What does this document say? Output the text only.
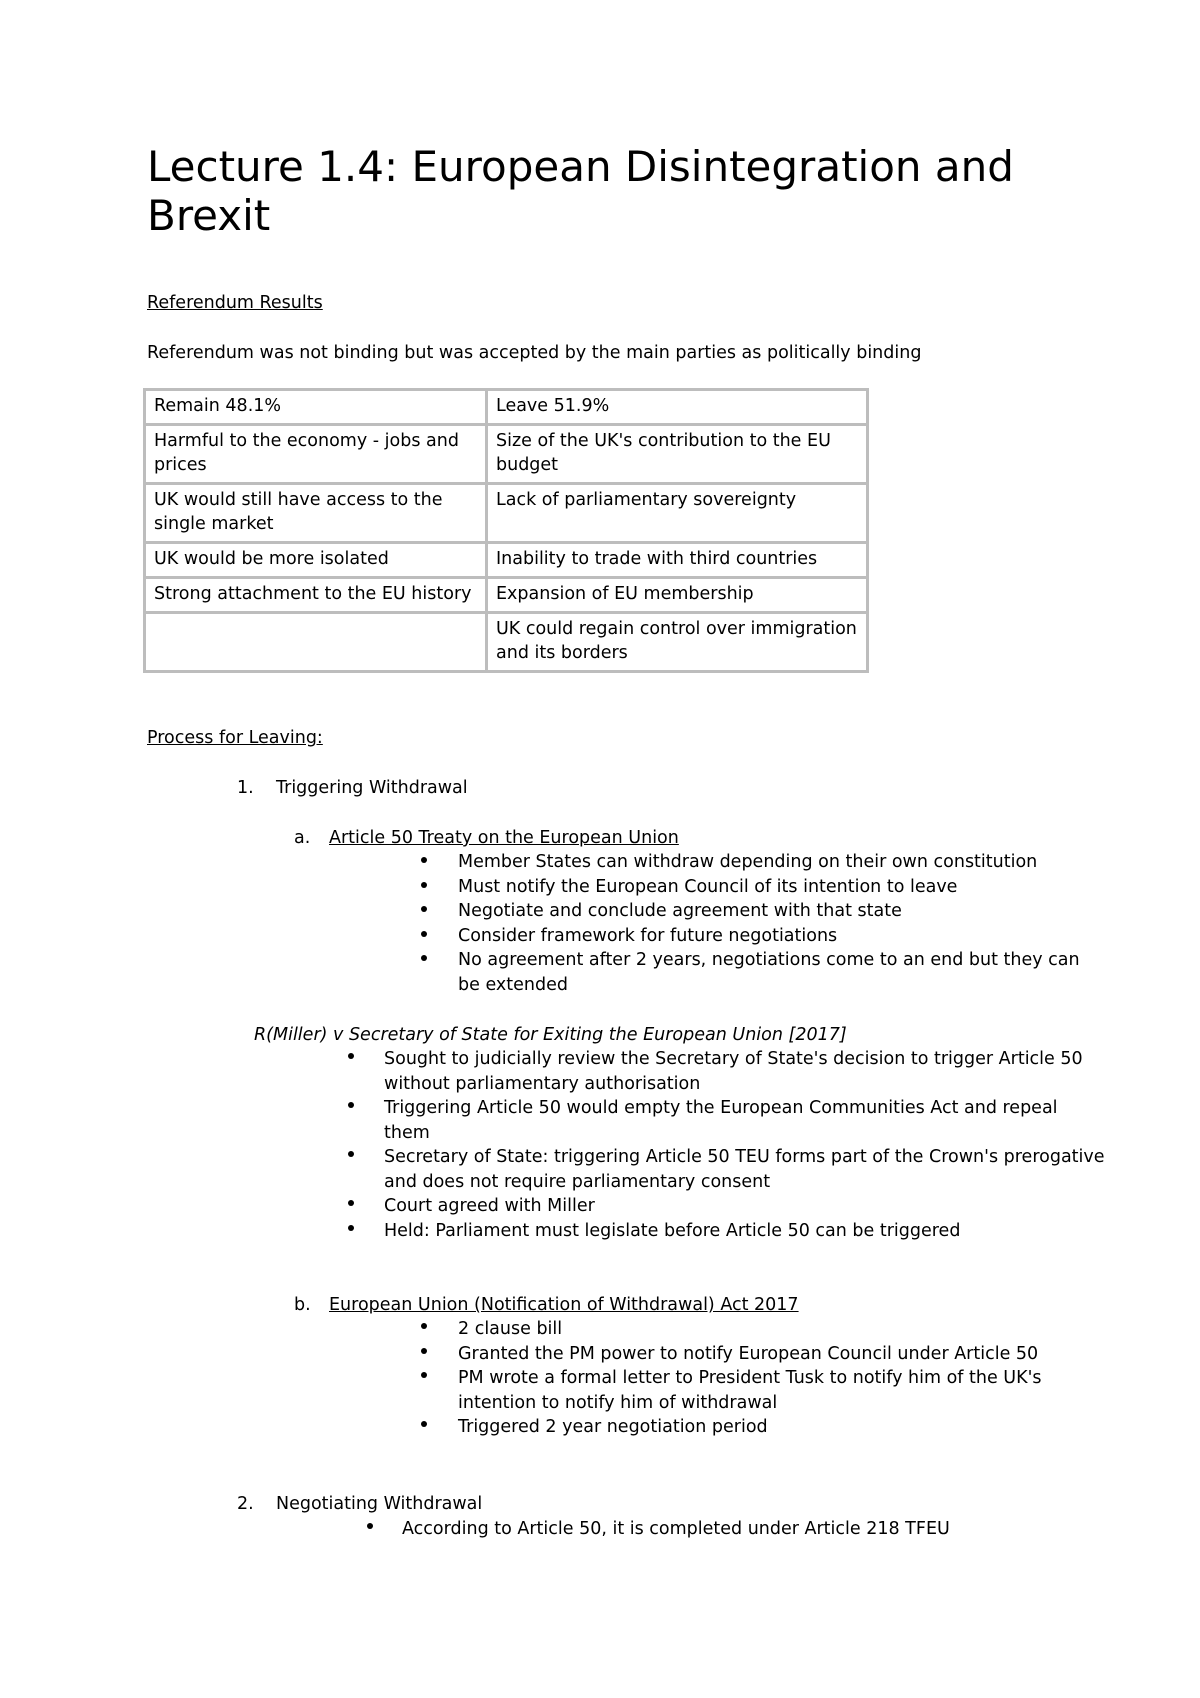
Lecture 1.4: European Disintegration and Brexit
Referendum Results
Referendum was not binding but was accepted by the main parties as politically binding
Remain 48.1%	Leave 51.9%
Harmful to the economy - jobs and prices	Size of the UK's contribution to the EU budget
UK would still have access to the single market	Lack of parliamentary sovereignty
UK would be more isolated	Inability to trade with third countries
Strong attachment to the EU history	Expansion of EU membership
	UK could regain control over immigration and its borders
Process for Leaving:
1. Triggering Withdrawal
a. Article 50 Treaty on the European Union
Member States can withdraw depending on their own constitution
Must notify the European Council of its intention to leave
Negotiate and conclude agreement with that state
Consider framework for future negotiations
No agreement after 2 years, negotiations come to an end but they can
be extended
R(Miller) v Secretary of State for Exiting the European Union [2017]
Sought to judicially review the Secretary of State's decision to trigger Article 50
without parliamentary authorisation
Triggering Article 50 would empty the European Communities Act and repeal
them
Secretary of State: triggering Article 50 TEU forms part of the Crown's prerogative
and does not require parliamentary consent
Court agreed with Miller
Held: Parliament must legislate before Article 50 can be triggered
b. European Union (Notification of Withdrawal) Act 2017
2 clause bill
Granted the PM power to notify European Council under Article 50
PM wrote a formal letter to President Tusk to notify him of the UK's
intention to notify him of withdrawal
Triggered 2 year negotiation period
2. Negotiating Withdrawal
According to Article 50, it is completed under Article 218 TFEU
